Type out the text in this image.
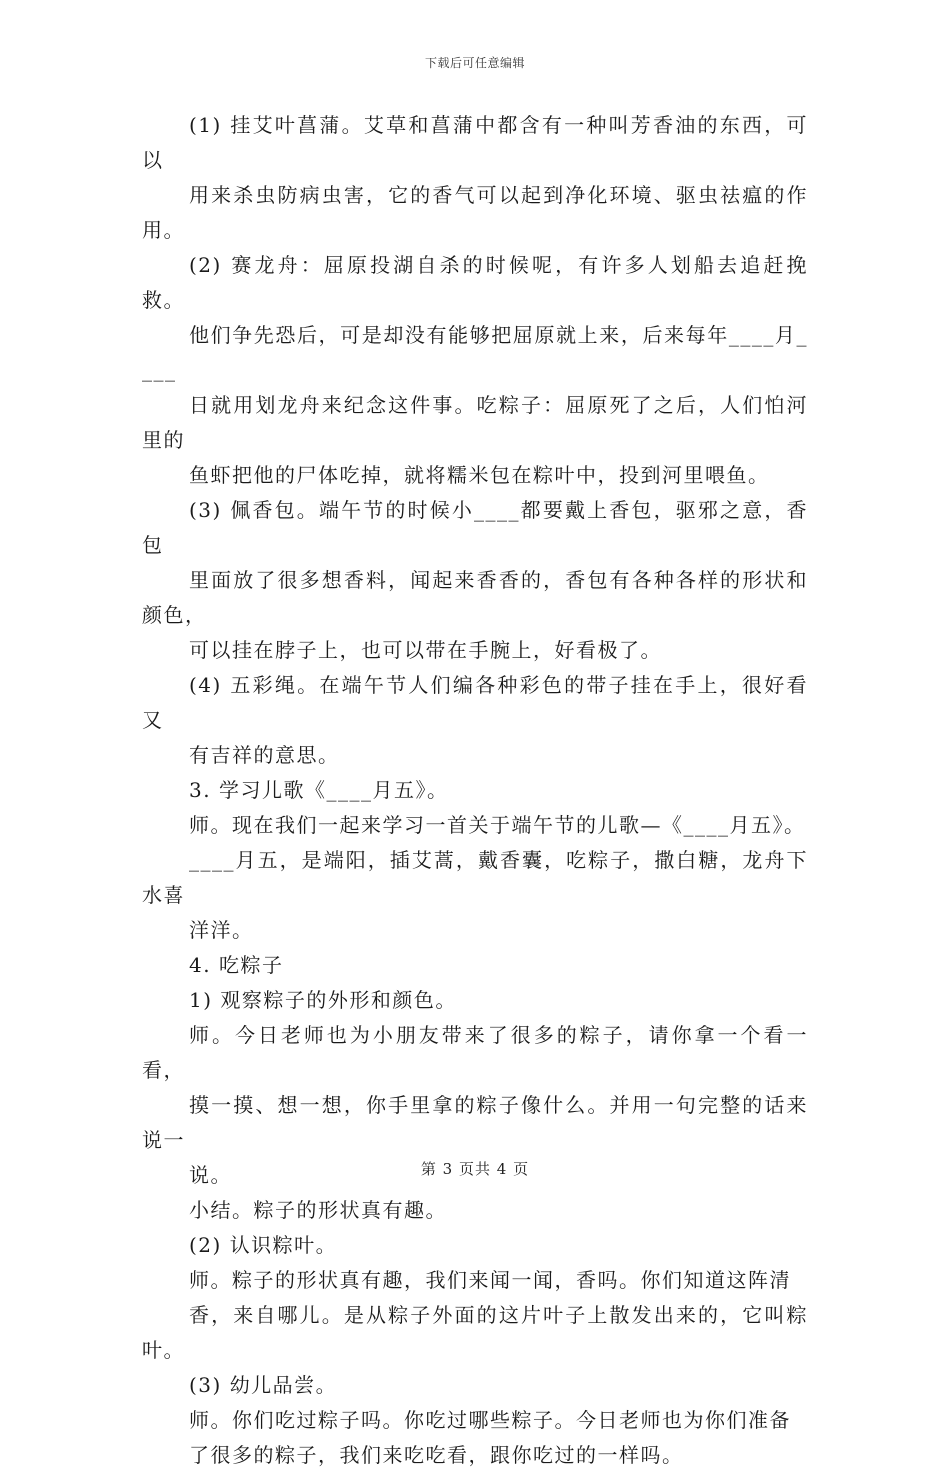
下载后可任意编辑

(1) 挂艾叶菖蒲。艾草和菖蒲中都含有一种叫芳香油的东西，可以
用来杀虫防病虫害，它的香气可以起到净化环境、驱虫祛瘟的作用。

(2) 赛龙舟：屈原投湖自杀的时候呢，有许多人划船去追赶挽救。
他们争先恐后，可是却没有能够把屈原就上来，后来每年____月____
日就用划龙舟来纪念这件事。吃粽子：屈原死了之后，人们怕河里的
鱼虾把他的尸体吃掉，就将糯米包在粽叶中，投到河里喂鱼。

(3) 佩香包。端午节的时候小____都要戴上香包，驱邪之意，香包
里面放了很多想香料，闻起来香香的，香包有各种各样的形状和颜色，
可以挂在脖子上，也可以带在手腕上，好看极了。

(4) 五彩绳。在端午节人们编各种彩色的带子挂在手上，很好看又
有吉祥的意思。

3. 学习儿歌《____月五》。

师。现在我们一起来学习一首关于端午节的儿歌—《____月五》。
____月五，是端阳，插艾蒿，戴香囊，吃粽子，撒白糖，龙舟下水喜
洋洋。

4. 吃粽子

1) 观察粽子的外形和颜色。

师。今日老师也为小朋友带来了很多的粽子，请你拿一个看一看，
摸一摸、想一想，你手里拿的粽子像什么。并用一句完整的话来说一
说。

小结。粽子的形状真有趣。

(2) 认识粽叶。

师。粽子的形状真有趣，我们来闻一闻，香吗。你们知道这阵清
香，来自哪儿。是从粽子外面的这片叶子上散发出来的，它叫粽叶。

(3) 幼儿品尝。

师。你们吃过粽子吗。你吃过哪些粽子。今日老师也为你们准备
了很多的粽子，我们来吃吃看，跟你吃过的一样吗。

第 3 页共 4 页
